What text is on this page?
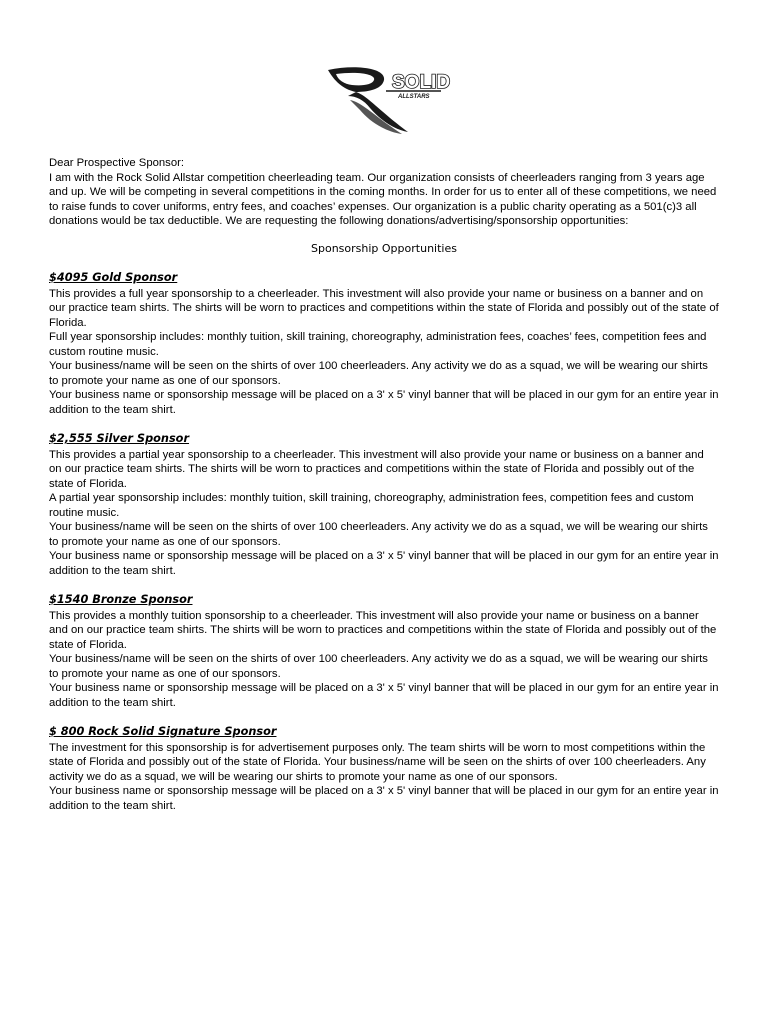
SOLID
ALLSTARS

Dear Prospective Sponsor:

I am with the Rock Solid Allstar competition cheerleading team. Our organization consists of cheerleaders ranging from 3 years age and up. We will be competing in several competitions in the coming months. In order for us to enter all of these competitions, we need to raise funds to cover uniforms, entry fees, and coaches’ expenses. Our organization is a public charity operating as a 501(c)3 all donations would be tax deductible. We are requesting the following donations/advertising/sponsorship opportunities:

Sponsorship Opportunities

$4095 Gold Sponsor

This provides a full year sponsorship to a cheerleader. This investment will also provide your name or business on a banner and on our practice team shirts. The shirts will be worn to practices and competitions within the state of Florida and possibly out of the state of Florida.

Full year sponsorship includes: monthly tuition, skill training, choreography, administration fees, coaches’ fees, competition fees and custom routine music.

Your business/name will be seen on the shirts of over 100 cheerleaders. Any activity we do as a squad, we will be wearing our shirts to promote your name as one of our sponsors.

Your business name or sponsorship message will be placed on a 3' x 5' vinyl banner that will be placed in our gym for an entire year in addition to the team shirt.

$2,555 Silver Sponsor

This provides a partial year sponsorship to a cheerleader. This investment will also provide your name or business on a banner and on our practice team shirts. The shirts will be worn to practices and competitions within the state of Florida and possibly out of the state of Florida.

A partial year sponsorship includes: monthly tuition, skill training, choreography, administration fees, competition fees and custom routine music.

Your business/name will be seen on the shirts of over 100 cheerleaders. Any activity we do as a squad, we will be wearing our shirts to promote your name as one of our sponsors.

Your business name or sponsorship message will be placed on a 3' x 5' vinyl banner that will be placed in our gym for an entire year in addition to the team shirt.

$1540 Bronze Sponsor

This provides a monthly tuition sponsorship to a cheerleader. This investment will also provide your name or business on a banner and on our practice team shirts. The shirts will be worn to practices and competitions within the state of Florida and possibly out of the state of Florida.

Your business/name will be seen on the shirts of over 100 cheerleaders. Any activity we do as a squad, we will be wearing our shirts to promote your name as one of our sponsors.

Your business name or sponsorship message will be placed on a 3' x 5' vinyl banner that will be placed in our gym for an entire year in addition to the team shirt.

$ 800 Rock Solid Signature Sponsor

The investment for this sponsorship is for advertisement purposes only. The team shirts will be worn to most competitions within the state of Florida and possibly out of the state of Florida. Your business/name will be seen on the shirts of over 100 cheerleaders. Any activity we do as a squad, we will be wearing our shirts to promote your name as one of our sponsors.

Your business name or sponsorship message will be placed on a 3' x 5' vinyl banner that will be placed in our gym for an entire year in addition to the team shirt.
